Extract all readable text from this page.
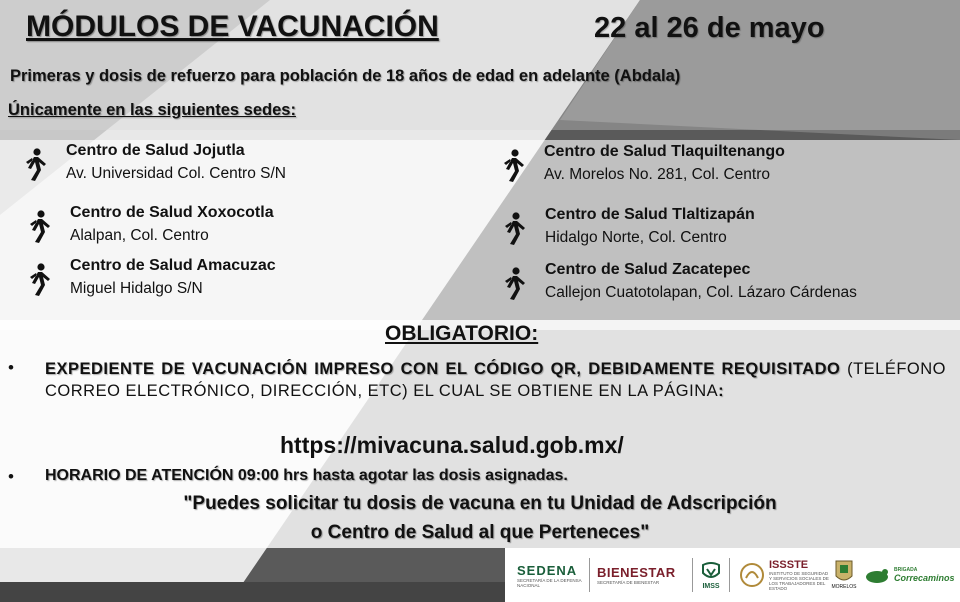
MÓDULOS DE VACUNACIÓN	22 al 26 de mayo
Primeras y dosis de refuerzo para población de 18 años de edad en adelante (Abdala)
Únicamente en las siguientes sedes:
Centro de Salud Jojutla
Av. Universidad Col. Centro S/N
Centro de Salud Xoxocotla
Alalpan, Col. Centro
Centro de Salud Amacuzac
Miguel Hidalgo S/N
Centro de Salud Tlaquiltenango
Av. Morelos No. 281, Col. Centro
Centro de Salud Tlaltizapán
Hidalgo Norte, Col. Centro
Centro de Salud Zacatepec
Callejon Cuatotolapan, Col. Lázaro Cárdenas
OBLIGATORIO:
• EXPEDIENTE DE VACUNACIÓN IMPRESO CON EL CÓDIGO QR, DEBIDAMENTE REQUISITADO (TELÉFONO CORREO ELECTRÓNICO, DIRECCIÓN, ETC) EL CUAL SE OBTIENE EN LA PÁGINA:
https://mivacuna.salud.gob.mx/
• HORARIO DE ATENCIÓN 09:00 hrs hasta agotar las dosis asignadas.
"Puedes solicitar tu dosis de vacuna en tu Unidad de Adscripción
o Centro de Salud al que Perteneces"
SEDENA
SECRETARÍA DE LA DEFENSA NACIONAL
BIENESTAR
SECRETARÍA DE BIENESTAR	IMSS
ISSSTE
INSTITUTO DE SEGURIDAD Y SERVICIOS SOCIALES DE LOS TRABAJADORES DEL ESTADO	MORELOS
BRIGADA
Correcaminos
